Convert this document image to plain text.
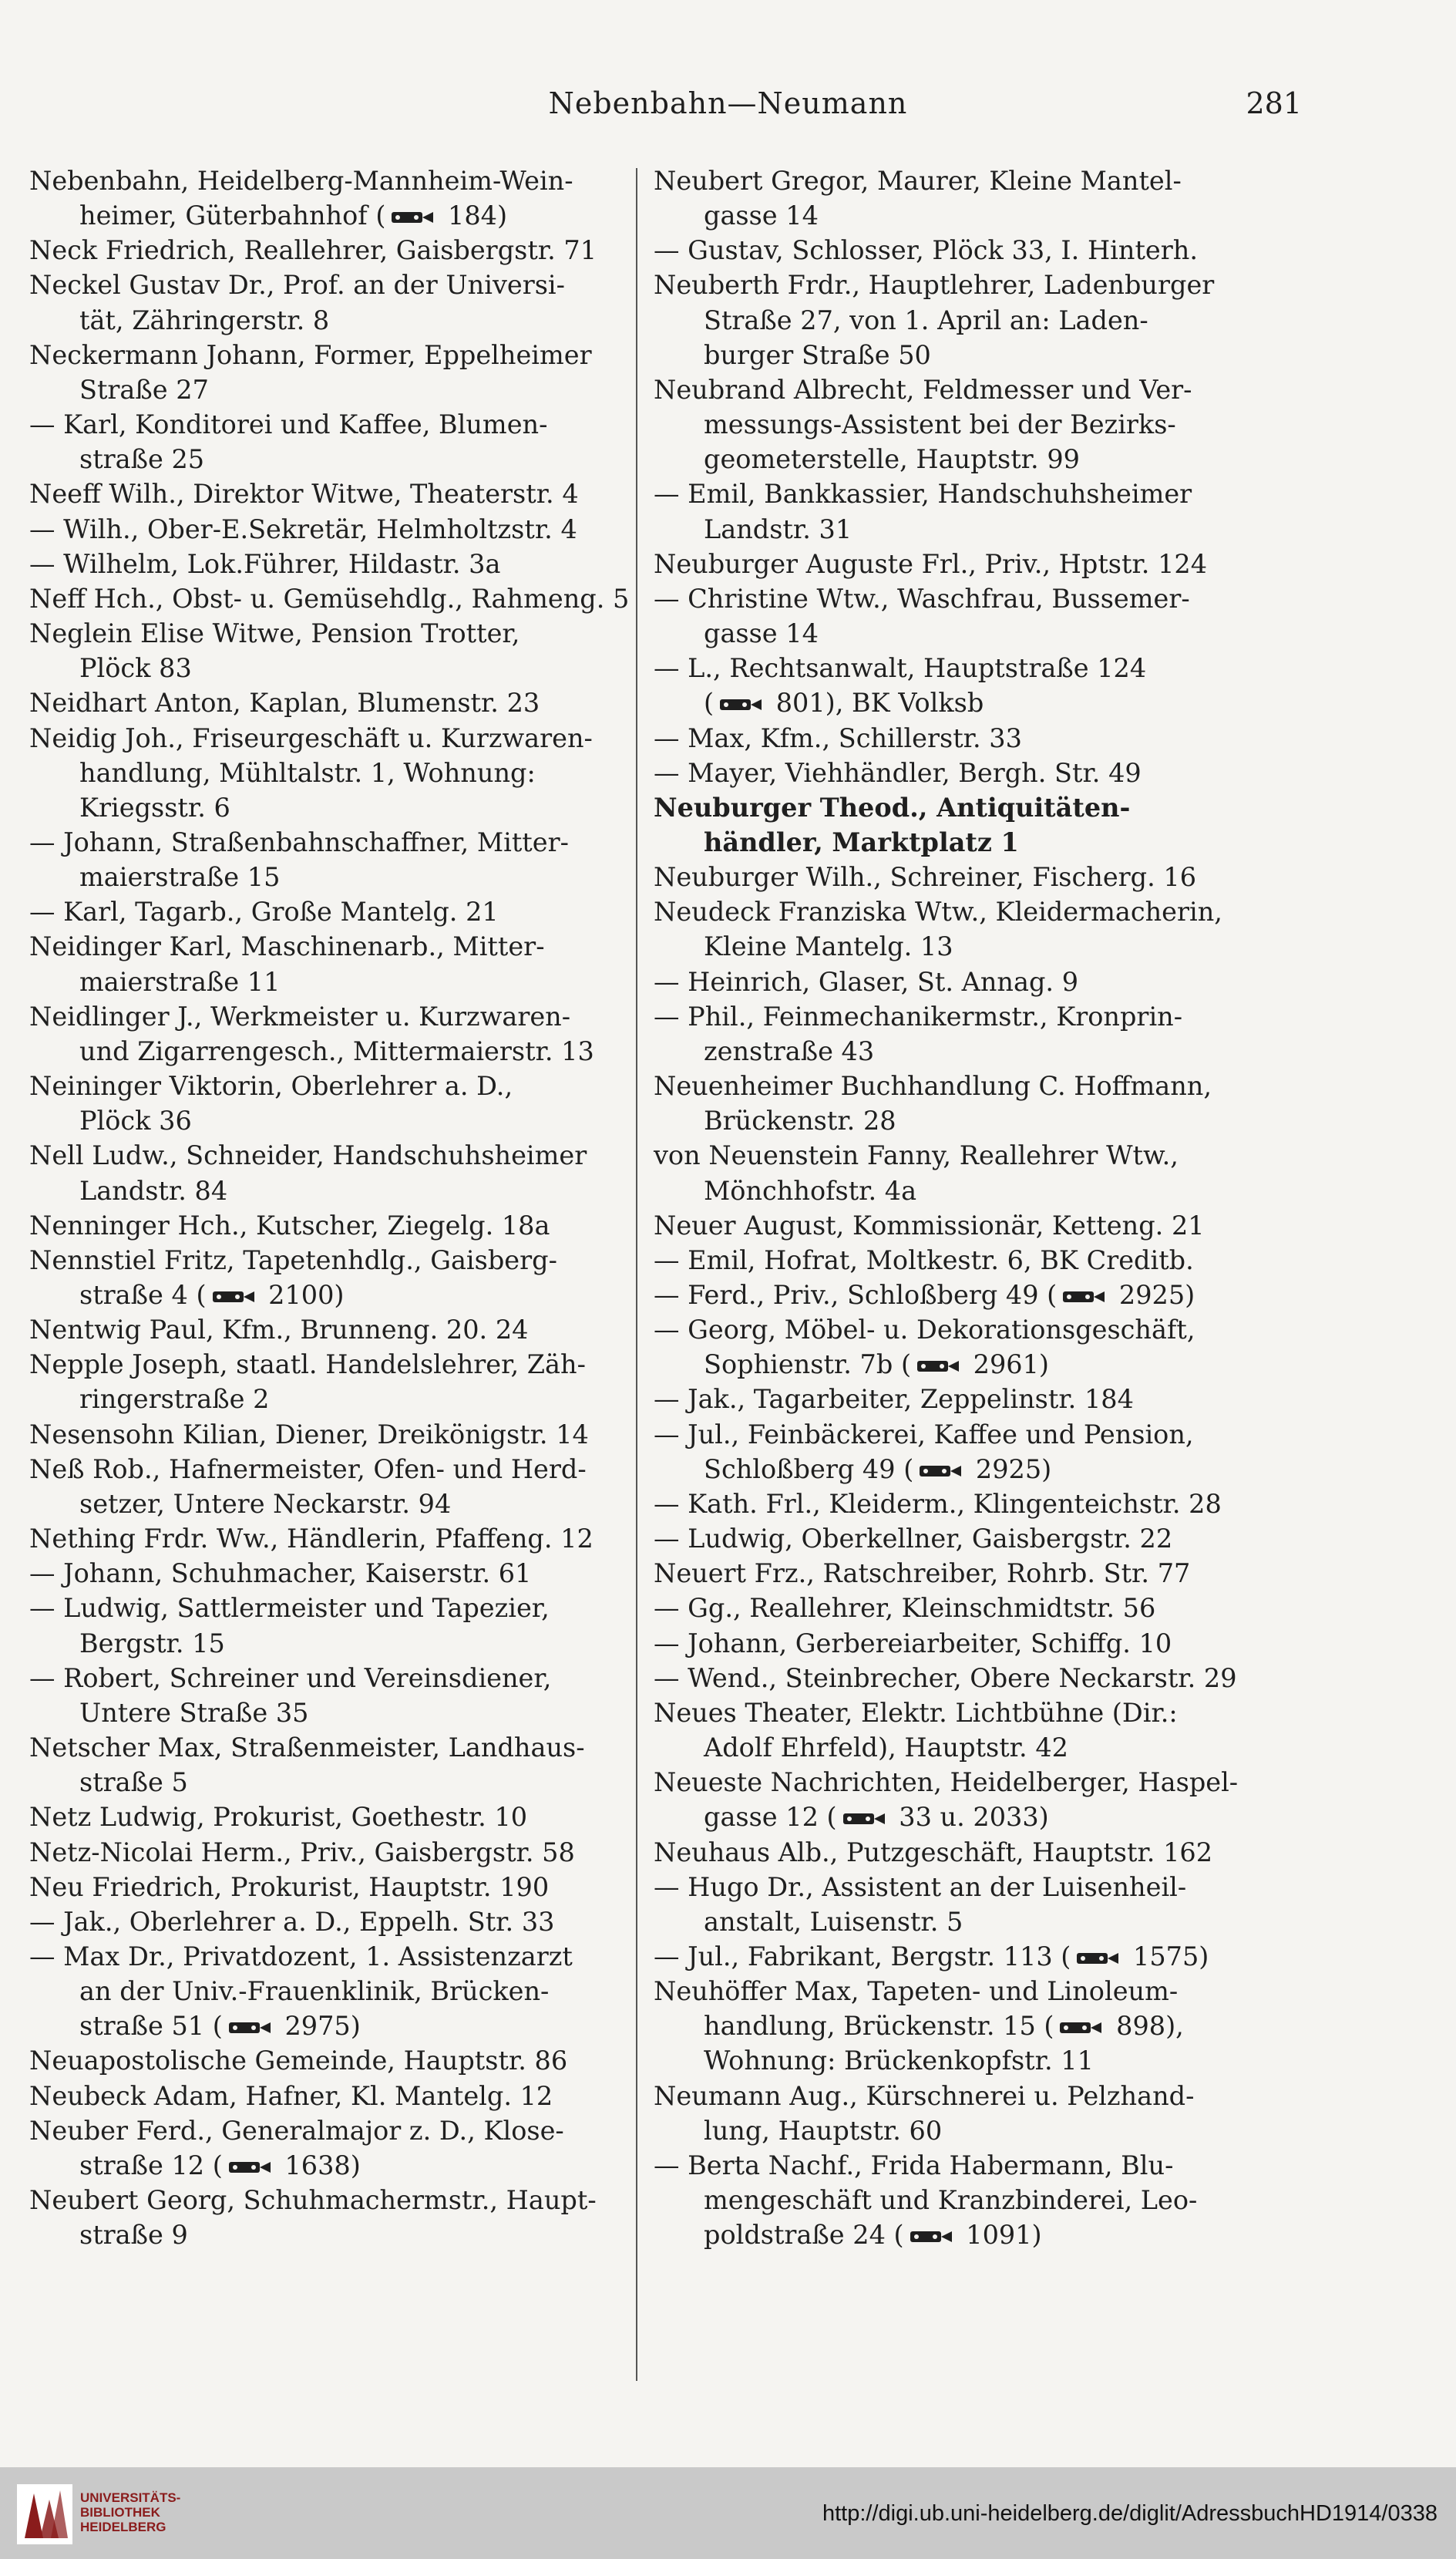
Nebenbahn—Neumann	281
Nebenbahn, Heidelberg-Mannheim-Wein-
heimer, Güterbahnhof (
184)
Neck Friedrich, Reallehrer, Gaisbergstr. 71
Neckel Gustav Dr., Prof. an der Universi-
tät, Zähringerstr. 8
Neckermann Johann, Former, Eppelheimer
Straße 27
— Karl, Konditorei und Kaffee, Blumen-
straße 25
Neeff Wilh., Direktor Witwe, Theaterstr. 4
— Wilh., Ober-E.Sekretär, Helmholtzstr. 4
— Wilhelm, Lok.Führer, Hildastr. 3a
Neff Hch., Obst- u. Gemüsehdlg., Rahmeng. 5
Neglein Elise Witwe, Pension Trotter,
Plöck 83
Neidhart Anton, Kaplan, Blumenstr. 23
Neidig Joh., Friseurgeschäft u. Kurzwaren-
handlung, Mühltalstr. 1, Wohnung:
Kriegsstr. 6
— Johann, Straßenbahnschaffner, Mitter-
maierstraße 15
— Karl, Tagarb., Große Mantelg. 21
Neidinger Karl, Maschinenarb., Mitter-
maierstraße 11
Neidlinger J., Werkmeister u. Kurzwaren-
und Zigarrengesch., Mittermaierstr. 13
Neininger Viktorin, Oberlehrer a. D.,
Plöck 36
Nell Ludw., Schneider, Handschuhsheimer
Landstr. 84
Nenninger Hch., Kutscher, Ziegelg. 18a
Nennstiel Fritz, Tapetenhdlg., Gaisberg-
straße 4 (
2100)
Nentwig Paul, Kfm., Brunneng. 20. 24
Nepple Joseph, staatl. Handelslehrer, Zäh-
ringerstraße 2
Nesensohn Kilian, Diener, Dreikönigstr. 14
Neß Rob., Hafnermeister, Ofen- und Herd-
setzer, Untere Neckarstr. 94
Nething Frdr. Ww., Händlerin, Pfaffeng. 12
— Johann, Schuhmacher, Kaiserstr. 61
— Ludwig, Sattlermeister und Tapezier,
Bergstr. 15
— Robert, Schreiner und Vereinsdiener,
Untere Straße 35
Netscher Max, Straßenmeister, Landhaus-
straße 5
Netz Ludwig, Prokurist, Goethestr. 10
Netz-Nicolai Herm., Priv., Gaisbergstr. 58
Neu Friedrich, Prokurist, Hauptstr. 190
— Jak., Oberlehrer a. D., Eppelh. Str. 33
— Max Dr., Privatdozent, 1. Assistenzarzt
an der Univ.-Frauenklinik, Brücken-
straße 51 (
2975)
Neuapostolische Gemeinde, Hauptstr. 86
Neubeck Adam, Hafner, Kl. Mantelg. 12
Neuber Ferd., Generalmajor z. D., Klose-
straße 12 (
1638)
Neubert Georg, Schuhmachermstr., Haupt-
straße 9
Neubert Gregor, Maurer, Kleine Mantel-
gasse 14
— Gustav, Schlosser, Plöck 33, I. Hinterh.
Neuberth Frdr., Hauptlehrer, Ladenburger
Straße 27, von 1. April an: Laden-
burger Straße 50
Neubrand Albrecht, Feldmesser und Ver-
messungs-Assistent bei der Bezirks-
geometerstelle, Hauptstr. 99
— Emil, Bankkassier, Handschuhsheimer
Landstr. 31
Neuburger Auguste Frl., Priv., Hptstr. 124
— Christine Wtw., Waschfrau, Bussemer-
gasse 14
— L., Rechtsanwalt, Hauptstraße 124
(
801), BK Volksb
— Max, Kfm., Schillerstr. 33
— Mayer, Viehhändler, Bergh. Str. 49
Neuburger Theod., Antiquitäten-
händler, Marktplatz 1
Neuburger Wilh., Schreiner, Fischerg. 16
Neudeck Franziska Wtw., Kleidermacherin,
Kleine Mantelg. 13
— Heinrich, Glaser, St. Annag. 9
— Phil., Feinmechanikermstr., Kronprin-
zenstraße 43
Neuenheimer Buchhandlung C. Hoffmann,
Brückenstr. 28
von Neuenstein Fanny, Reallehrer Wtw.,
Mönchhofstr. 4a
Neuer August, Kommissionär, Ketteng. 21
— Emil, Hofrat, Moltkestr. 6, BK Creditb.
— Ferd., Priv., Schloßberg 49 (
2925)
— Georg, Möbel- u. Dekorationsgeschäft,
Sophienstr. 7b (
2961)
— Jak., Tagarbeiter, Zeppelinstr. 184
— Jul., Feinbäckerei, Kaffee und Pension,
Schloßberg 49 (
2925)
— Kath. Frl., Kleiderm., Klingenteichstr. 28
— Ludwig, Oberkellner, Gaisbergstr. 22
Neuert Frz., Ratschreiber, Rohrb. Str. 77
— Gg., Reallehrer, Kleinschmidtstr. 56
— Johann, Gerbereiarbeiter, Schiffg. 10
— Wend., Steinbrecher, Obere Neckarstr. 29
Neues Theater, Elektr. Lichtbühne (Dir.:
Adolf Ehrfeld), Hauptstr. 42
Neueste Nachrichten, Heidelberger, Haspel-
gasse 12 (
33 u. 2033)
Neuhaus Alb., Putzgeschäft, Hauptstr. 162
— Hugo Dr., Assistent an der Luisenheil-
anstalt, Luisenstr. 5
— Jul., Fabrikant, Bergstr. 113 (
1575)
Neuhöffer Max, Tapeten- und Linoleum-
handlung, Brückenstr. 15 (
898),
Wohnung: Brückenkopfstr. 11
Neumann Aug., Kürschnerei u. Pelzhand-
lung, Hauptstr. 60
— Berta Nachf., Frida Habermann, Blu-
mengeschäft und Kranzbinderei, Leo-
poldstraße 24 (
1091)
UNIVERSITÄTS-
BIBLIOTHEK
HEIDELBERG
http://digi.ub.uni-heidelberg.de/diglit/AdressbuchHD1914/0338
